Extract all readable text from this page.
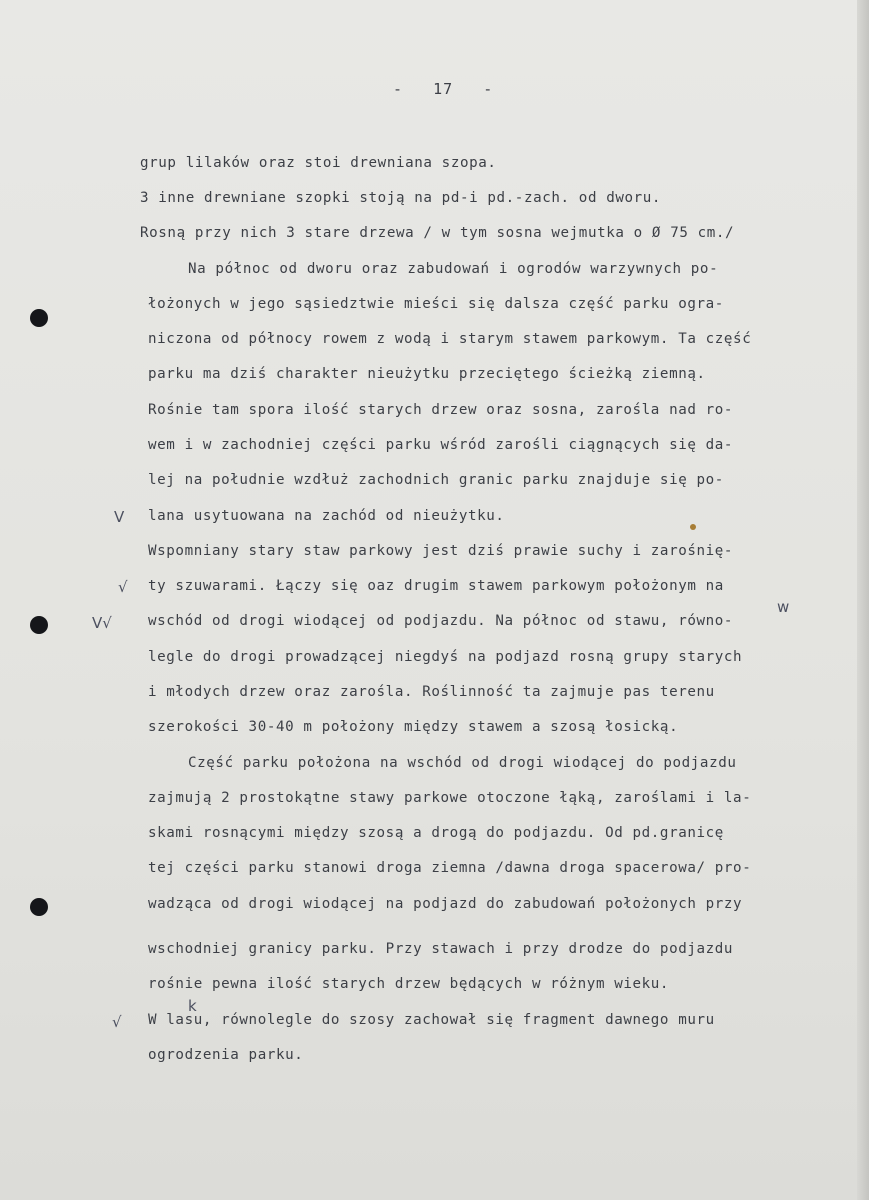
-   17   -
grup lilaków oraz stoi drewniana szopa.
3 inne drewniane szopki stoją na pd-i pd.-zach. od dworu.
Rosną przy nich 3 stare drzewa / w tym sosna wejmutka o Ø 75 cm./
Na północ od dworu oraz zabudowań i ogrodów warzywnych po-
łożonych w jego sąsiedztwie mieści się dalsza część parku ogra-
niczona od północy rowem z wodą i starym stawem parkowym. Ta część
parku ma dziś charakter nieużytku przeciętego ścieżką ziemną.
Rośnie tam spora ilość starych drzew oraz sosna, zarośla nad ro-
wem i w zachodniej części parku wśród zarośli ciągnących się da-
lej na południe wzdłuż zachodnich granic parku znajduje się po-
lana usytuowana na zachód od nieużytku.
Wspomniany stary staw parkowy jest dziś prawie suchy i zarośnię-
ty szuwarami. Łączy się oaz drugim stawem parkowym położonym na
wschód od drogi wiodącej od podjazdu. Na północ od stawu, równo-
legle do drogi prowadzącej niegdyś na podjazd rosną grupy starych
i młodych drzew oraz zarośla. Roślinność ta zajmuje pas terenu
szerokości 30-40 m położony między stawem a szosą łosicką.
Część parku położona na wschód od drogi wiodącej do podjazdu
zajmują 2 prostokątne stawy parkowe otoczone łąką, zaroślami i la-
skami rosnącymi między szosą a drogą do podjazdu. Od pd.granicę
tej części parku stanowi droga ziemna /dawna droga spacerowa/ pro-
wadząca od drogi wiodącej na podjazd do zabudowań położonych przy
wschodniej granicy parku. Przy stawach i przy drodze do podjazdu
rośnie pewna ilość starych drzew będących w różnym wieku.
W lasu, równolegle do szosy zachował się fragment dawnego muru
ogrodzenia parku.
V
√
V√
√
w
k
